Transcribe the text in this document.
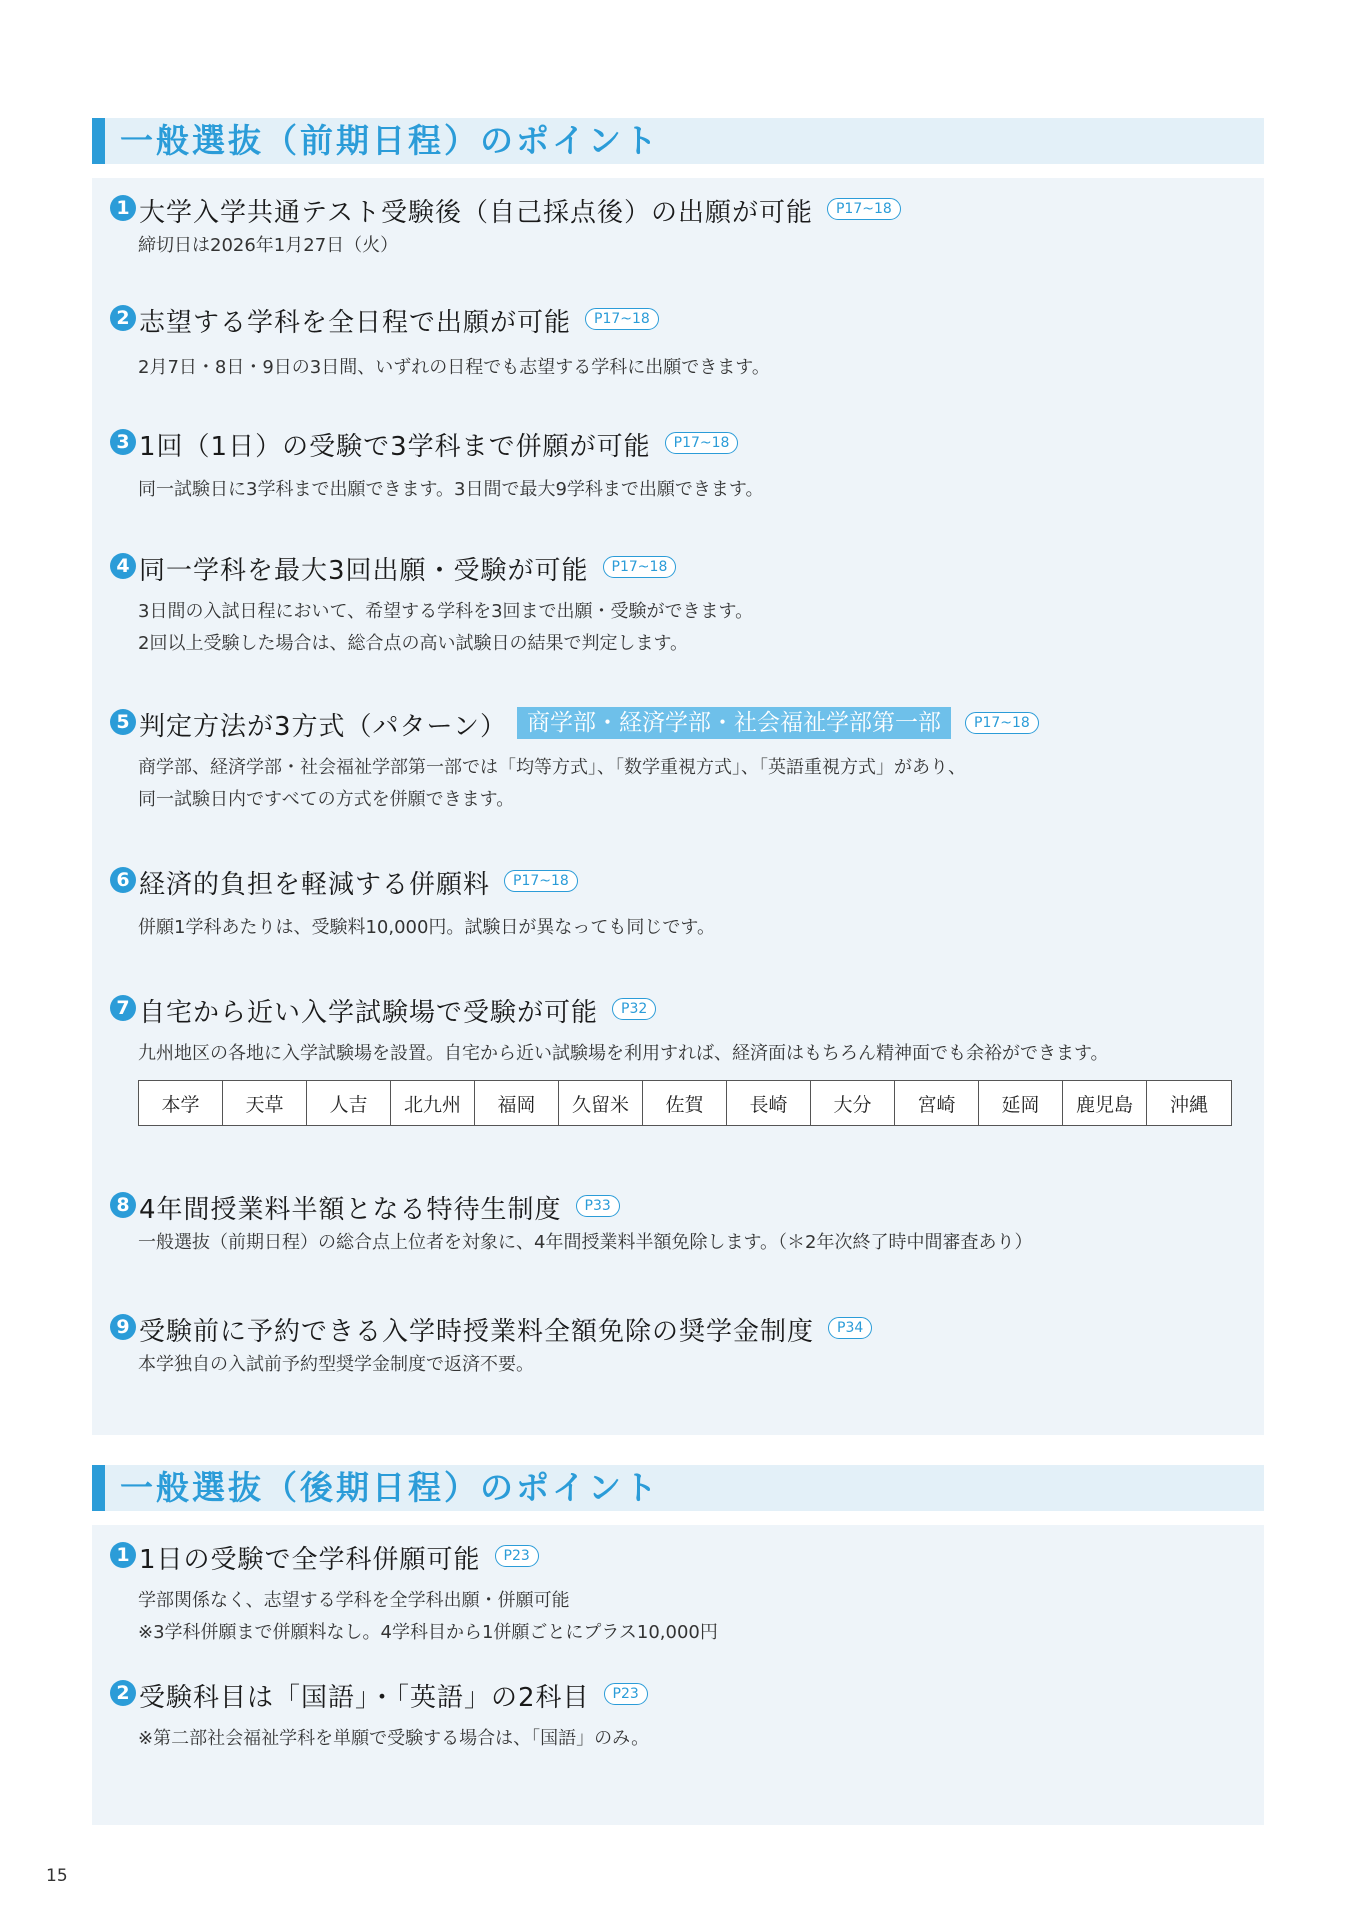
一般選抜（前期日程）のポイント
1 大学入学共通テスト受験後（自己採点後）の出願が可能 P17~18
締切日は2026年1月27日（火）
2 志望する学科を全日程で出願が可能 P17~18
2月7日・8日・9日の3日間、いずれの日程でも志望する学科に出願できます。
3 1回（1日）の受験で3学科まで併願が可能 P17~18
同一試験日に3学科まで出願できます。3日間で最大9学科まで出願できます。
4 同一学科を最大3回出願・受験が可能 P17~18
3日間の入試日程において、希望する学科を3回まで出願・受験ができます。
2回以上受験した場合は、総合点の高い試験日の結果で判定します。
5 判定方法が3方式（パターン） 商学部・経済学部・社会福祉学部第一部 P17~18
商学部、経済学部・社会福祉学部第一部では「均等方式」、「数学重視方式」、「英語重視方式」があり、
同一試験日内ですべての方式を併願できます。
6 経済的負担を軽減する併願料 P17~18
併願1学科あたりは、受験料10,000円。試験日が異なっても同じです。
7 自宅から近い入学試験場で受験が可能 P32
九州地区の各地に入学試験場を設置。自宅から近い試験場を利用すれば、経済面はもちろん精神面でも余裕ができます。
本学	天草	人吉	北九州	福岡	久留米	佐賀	長崎	大分	宮崎	延岡	鹿児島	沖縄
8 4年間授業料半額となる特待生制度 P33
一般選抜（前期日程）の総合点上位者を対象に、4年間授業料半額免除します。（＊2年次終了時中間審査あり）
9 受験前に予約できる入学時授業料全額免除の奨学金制度 P34
本学独自の入試前予約型奨学金制度で返済不要。
一般選抜（後期日程）のポイント
1 1日の受験で全学科併願可能 P23
学部関係なく、志望する学科を全学科出願・併願可能
※3学科併願まで併願料なし。4学科目から1併願ごとにプラス10,000円
2 受験科目は「国語」・「英語」の2科目 P23
※第二部社会福祉学科を単願で受験する場合は、「国語」のみ。
15
